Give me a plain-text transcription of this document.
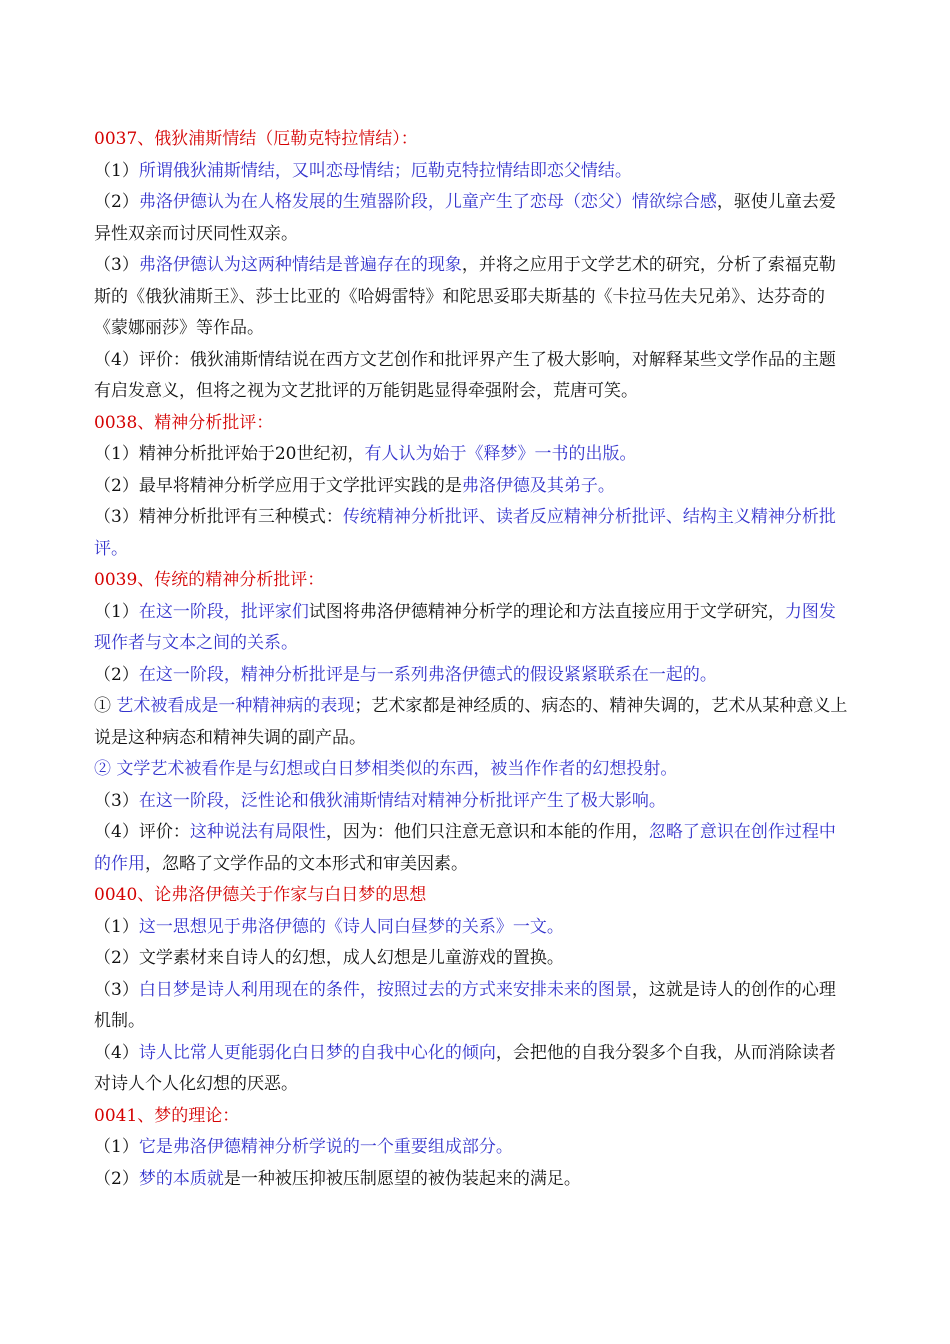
0037、俄狄浦斯情结（厄勒克特拉情结）：

（1）所谓俄狄浦斯情结，又叫恋母情结；厄勒克特拉情结即恋父情结。

（2）弗洛伊德认为在人格发展的生殖器阶段，儿童产生了恋母（恋父）情欲综合感，驱使儿童去爱异性双亲而讨厌同性双亲。

（3）弗洛伊德认为这两种情结是普遍存在的现象，并将之应用于文学艺术的研究，分析了索福克勒斯的《俄狄浦斯王》、莎士比亚的《哈姆雷特》和陀思妥耶夫斯基的《卡拉马佐夫兄弟》、达芬奇的《蒙娜丽莎》等作品。

（4）评价：俄狄浦斯情结说在西方文艺创作和批评界产生了极大影响，对解释某些文学作品的主题有启发意义，但将之视为文艺批评的万能钥匙显得牵强附会，荒唐可笑。

0038、精神分析批评：

（1）精神分析批评始于20世纪初，有人认为始于《释梦》一书的出版。

（2）最早将精神分析学应用于文学批评实践的是弗洛伊德及其弟子。

（3）精神分析批评有三种模式：传统精神分析批评、读者反应精神分析批评、结构主义精神分析批评。

0039、传统的精神分析批评：

（1）在这一阶段，批评家们试图将弗洛伊德精神分析学的理论和方法直接应用于文学研究，力图发现作者与文本之间的关系。

（2）在这一阶段，精神分析批评是与一系列弗洛伊德式的假设紧紧联系在一起的。

① 艺术被看成是一种精神病的表现；艺术家都是神经质的、病态的、精神失调的，艺术从某种意义上说是这种病态和精神失调的副产品。

② 文学艺术被看作是与幻想或白日梦相类似的东西，被当作作者的幻想投射。

（3）在这一阶段，泛性论和俄狄浦斯情结对精神分析批评产生了极大影响。

（4）评价：这种说法有局限性，因为：他们只注意无意识和本能的作用，忽略了意识在创作过程中的作用，忽略了文学作品的文本形式和审美因素。

0040、论弗洛伊德关于作家与白日梦的思想

（1）这一思想见于弗洛伊德的《诗人同白昼梦的关系》一文。

（2）文学素材来自诗人的幻想，成人幻想是儿童游戏的置换。

（3）白日梦是诗人利用现在的条件，按照过去的方式来安排未来的图景，这就是诗人的创作的心理机制。

（4）诗人比常人更能弱化白日梦的自我中心化的倾向，会把他的自我分裂多个自我，从而消除读者对诗人个人化幻想的厌恶。

0041、梦的理论：

（1）它是弗洛伊德精神分析学说的一个重要组成部分。

（2）梦的本质就是一种被压抑被压制愿望的被伪装起来的满足。
